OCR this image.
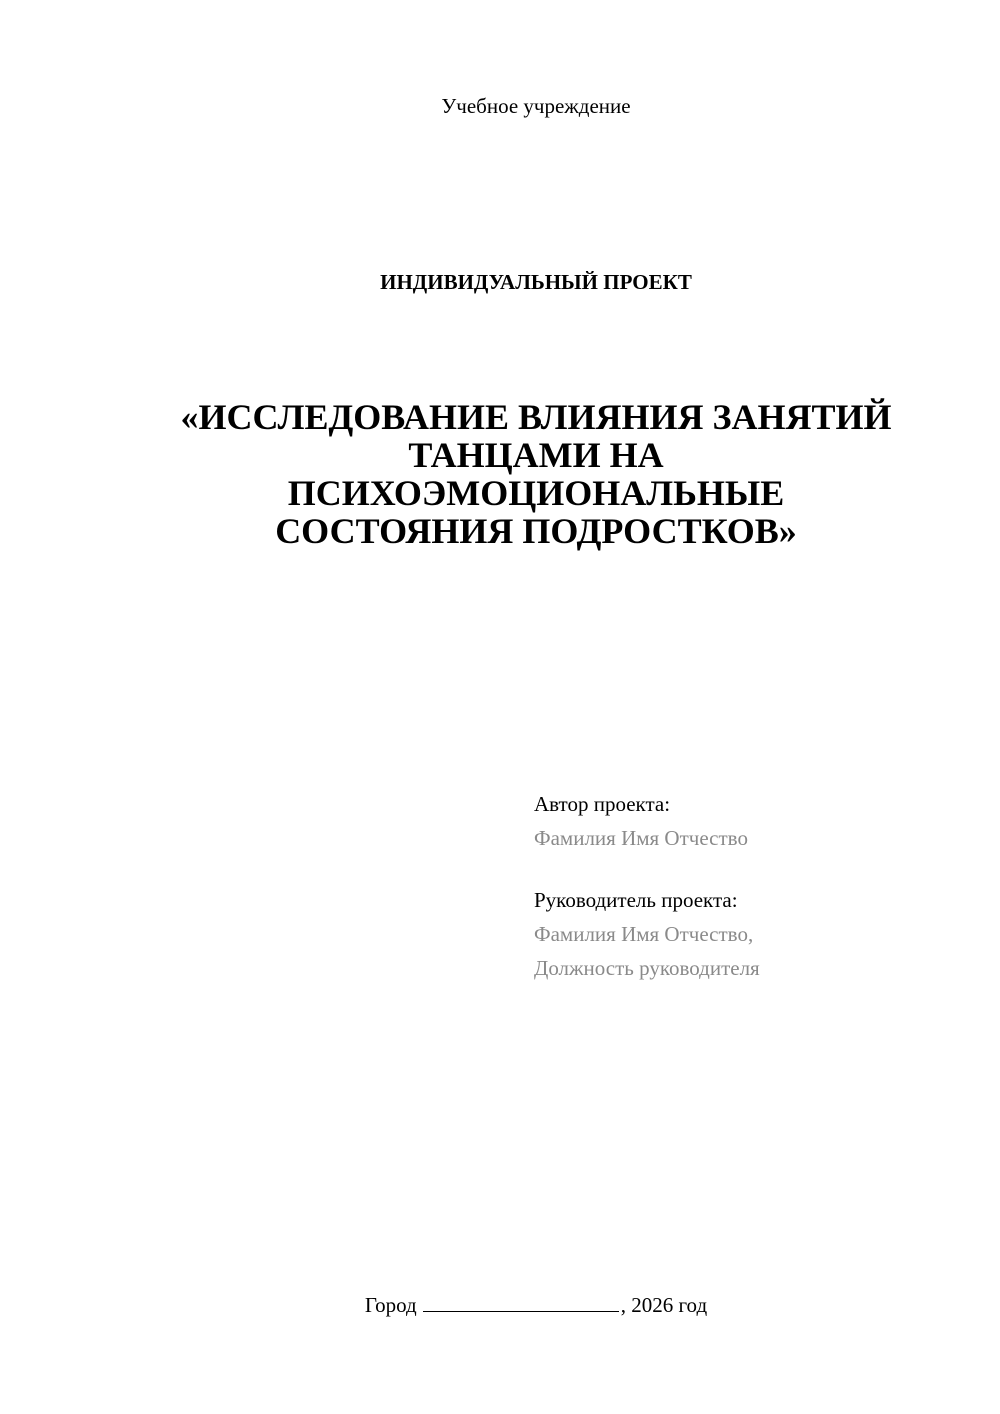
Учебное учреждение
ИНДИВИДУАЛЬНЫЙ ПРОЕКТ
«ИССЛЕДОВАНИЕ ВЛИЯНИЯ ЗАНЯТИЙ
ТАНЦАМИ НА
ПСИХОЭМОЦИОНАЛЬНЫЕ
СОСТОЯНИЯ ПОДРОСТКОВ»
Автор проекта:
Фамилия Имя Отчество
Руководитель проекта:
Фамилия Имя Отчество,
Должность руководителя
Город	, 2026 год
